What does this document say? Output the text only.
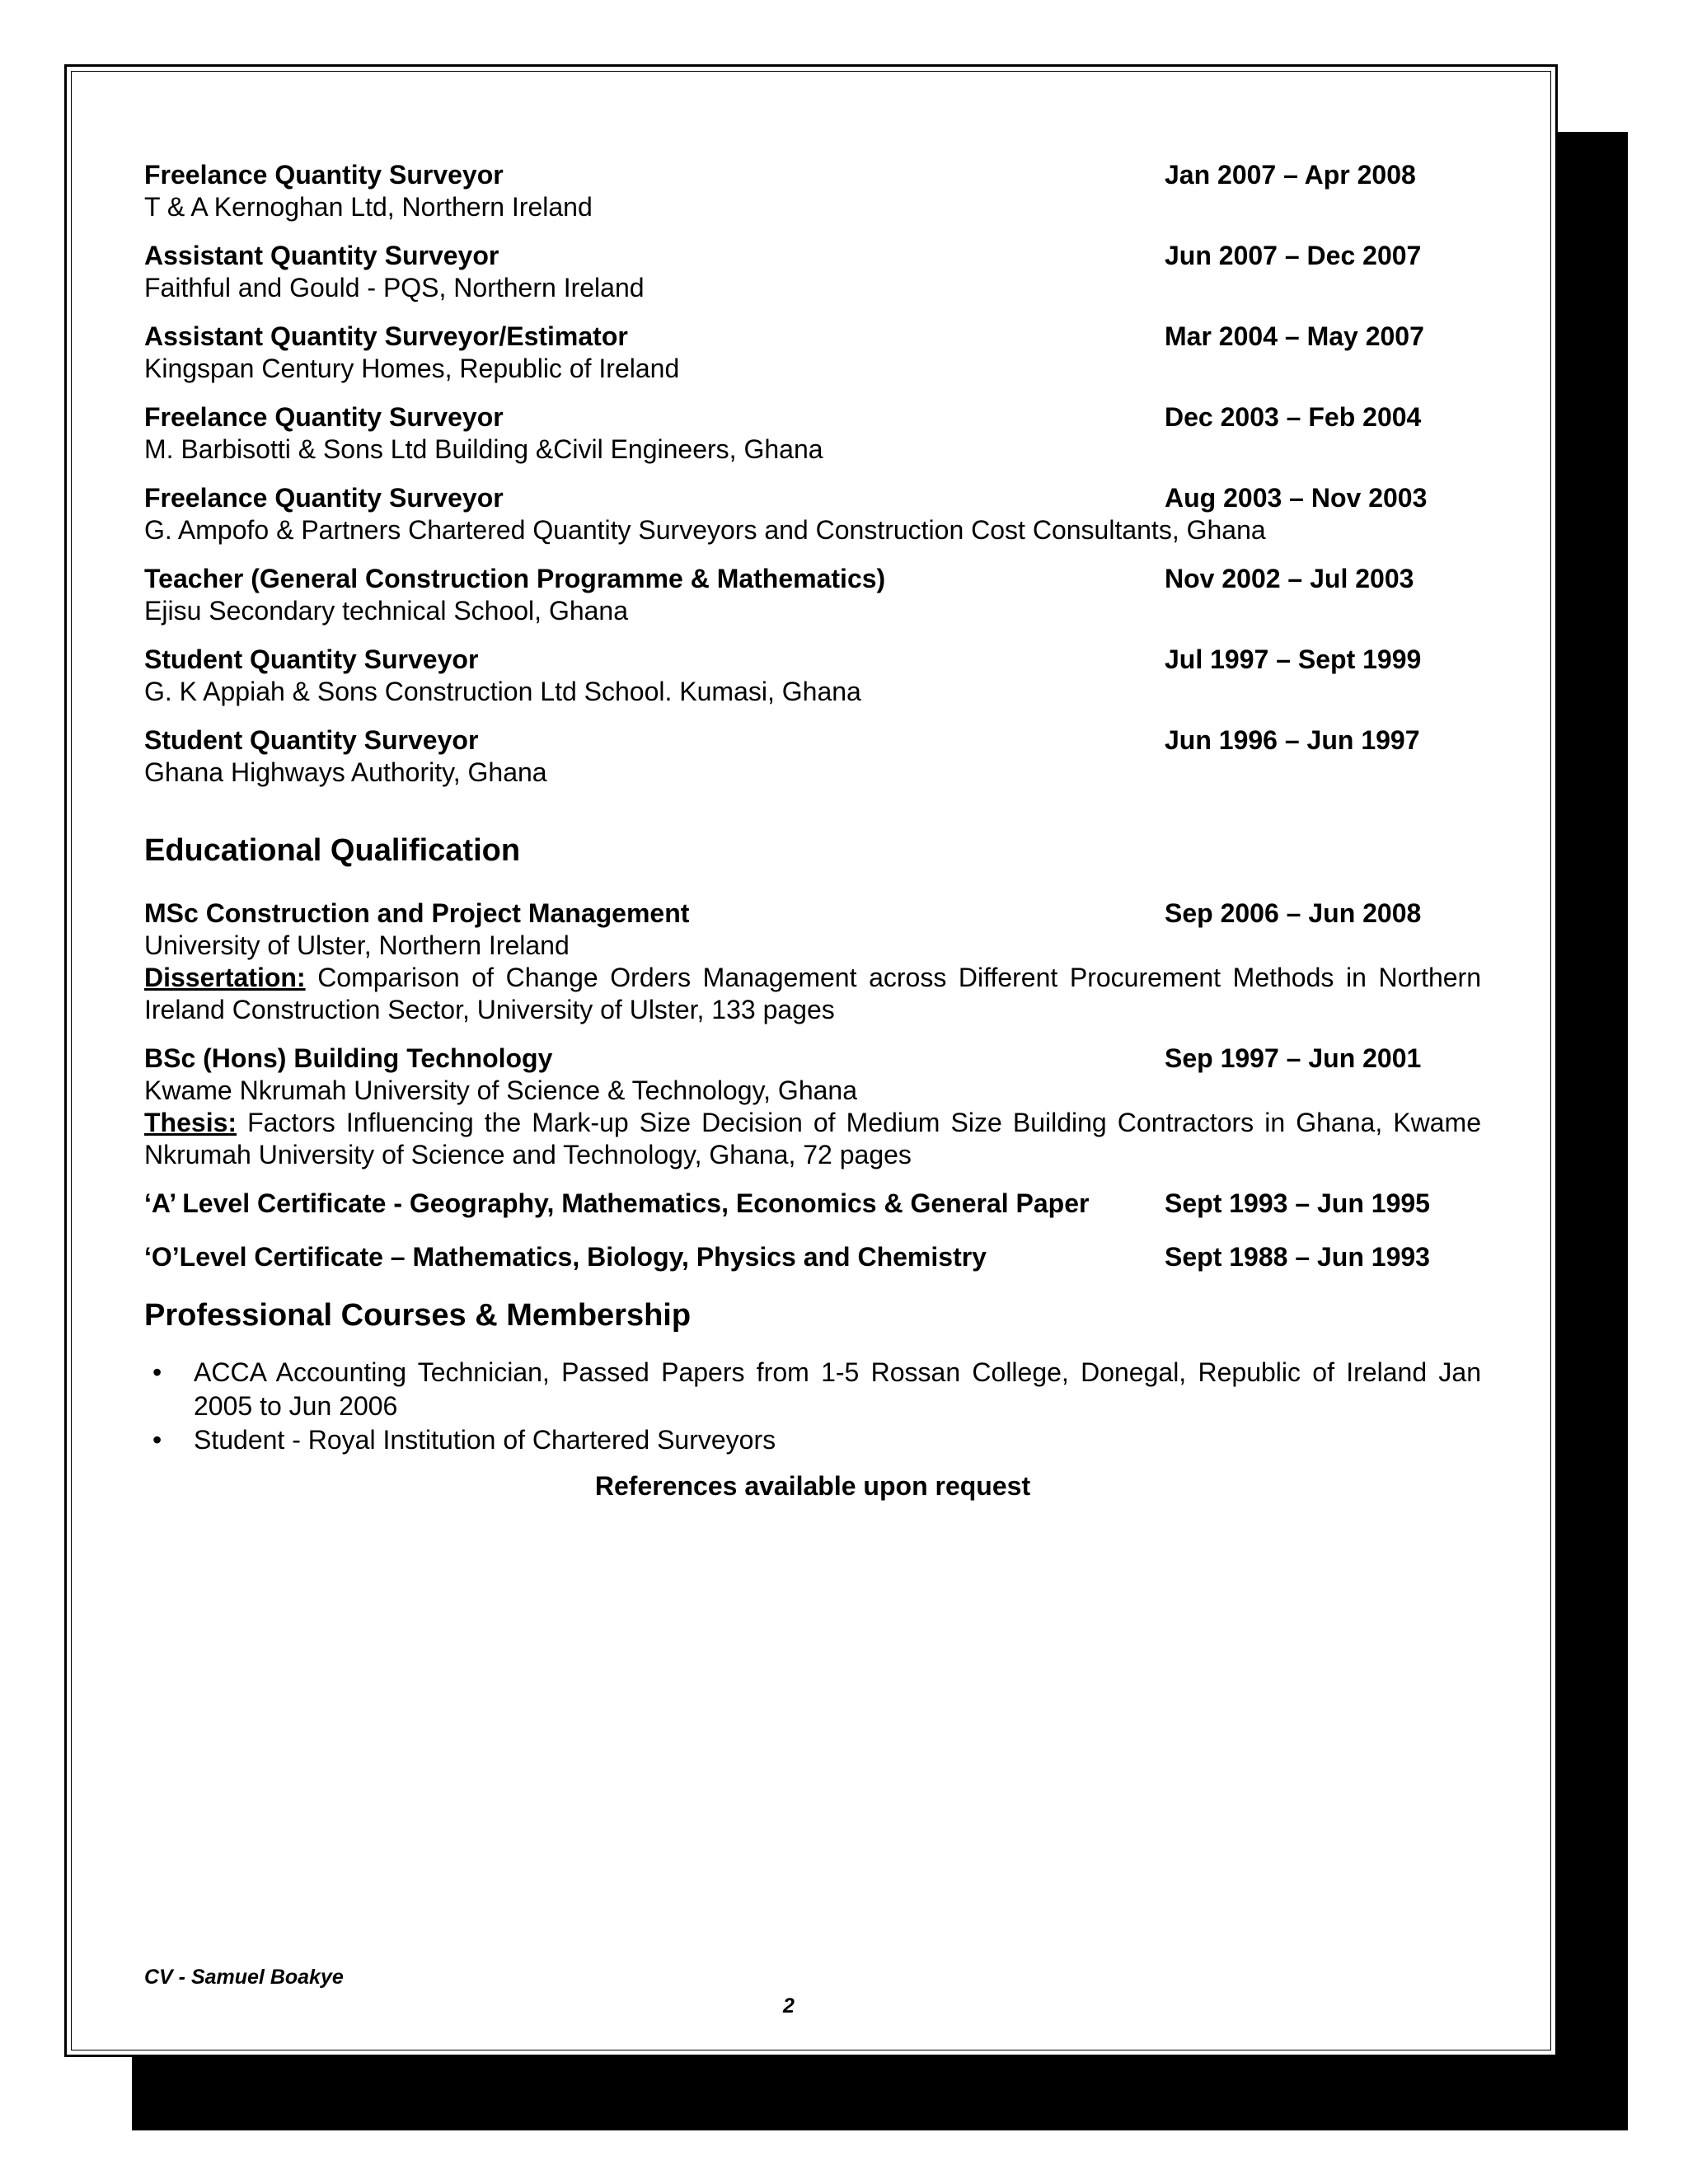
Freelance Quantity Surveyor	Jan 2007 – Apr 2008
T & A Kernoghan Ltd, Northern Ireland
Assistant Quantity Surveyor	Jun 2007 – Dec 2007
Faithful and Gould - PQS, Northern Ireland
Assistant Quantity Surveyor/Estimator	Mar 2004 – May 2007
Kingspan Century Homes, Republic of Ireland
Freelance Quantity Surveyor	Dec 2003 – Feb 2004
M. Barbisotti & Sons Ltd Building &Civil Engineers, Ghana
Freelance Quantity Surveyor	Aug 2003 – Nov 2003
G. Ampofo & Partners Chartered Quantity Surveyors and Construction Cost Consultants, Ghana
Teacher (General Construction Programme & Mathematics)	Nov 2002 – Jul 2003
Ejisu Secondary technical School, Ghana
Student Quantity Surveyor	Jul 1997 – Sept 1999
G. K Appiah & Sons Construction Ltd School. Kumasi, Ghana
Student Quantity Surveyor	Jun 1996 – Jun 1997
Ghana Highways Authority, Ghana
Educational Qualification
MSc Construction and Project Management	Sep 2006 – Jun 2008
University of Ulster, Northern Ireland
Dissertation: Comparison of Change Orders Management across Different Procurement Methods in Northern Ireland Construction Sector, University of Ulster, 133 pages
BSc (Hons) Building Technology	Sep 1997 – Jun 2001
Kwame Nkrumah University of Science & Technology, Ghana
Thesis: Factors Influencing the Mark-up Size Decision of Medium Size Building Contractors in Ghana, Kwame Nkrumah University of Science and Technology, Ghana, 72 pages
‘A’ Level Certificate - Geography, Mathematics, Economics & General Paper	Sept 1993 – Jun 1995
‘O’Level Certificate – Mathematics, Biology, Physics and Chemistry	Sept 1988 – Jun 1993
Professional Courses & Membership
• ACCA Accounting Technician, Passed Papers from 1-5 Rossan College, Donegal, Republic of Ireland Jan 2005 to Jun 2006
• Student - Royal Institution of Chartered Surveyors
References available upon request
CV - Samuel Boakye
2
